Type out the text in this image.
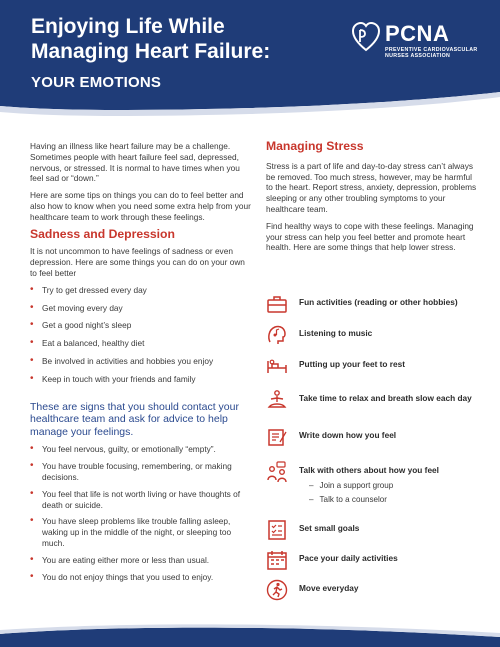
Enjoying Life While
Managing Heart Failure:
YOUR EMOTIONS
PCNA
PREVENTIVE CARDIOVASCULAR
NURSES ASSOCIATION

Having an illness like heart failure may be a challenge. Sometimes people with heart failure feel sad, depressed, nervous, or stressed. It is normal to have times when you feel sad or “down.”

Here are some tips on things you can do to feel better and also how to know when you need some extra help from your healthcare team to work through these feelings.

Sadness and Depression

It is not uncommon to have feelings of sadness or even depression. Here are some things you can do on your own to feel better

• Try to get dressed every day
• Get moving every day
• Get a good night’s sleep
• Eat a balanced, healthy diet
• Be involved in activities and hobbies you enjoy
• Keep in touch with your friends and family
These are signs that you should contact your healthcare team and ask for advice to help manage your feelings.
• You feel nervous, guilty, or emotionally “empty”.
• You have trouble focusing, remembering, or making decisions.
• You feel that life is not worth living or have thoughts of death or suicide.
• You have sleep problems like trouble falling asleep, waking up in the middle of the night, or sleeping too much.
• You are eating either more or less than usual.
• You do not enjoy things that you used to enjoy.
Managing Stress

Stress is a part of life and day-to-day stress can’t always be removed. Too much stress, however, may be harmful to the heart. Report stress, anxiety, depression, problems sleeping or any other troubling symptoms to your healthcare team.

Find healthy ways to cope with these feelings. Managing your stress can help you feel better and promote heart health. Here are some things that help lower stress.

Fun activities (reading or other hobbies)
Listening to music
Putting up your feet to rest
Take time to relax and breath slow each day
Write down how you feel
Talk with others about how you feel
– Join a support group
– Talk to a counselor
Set small goals
Pace your daily activities
Move everyday
